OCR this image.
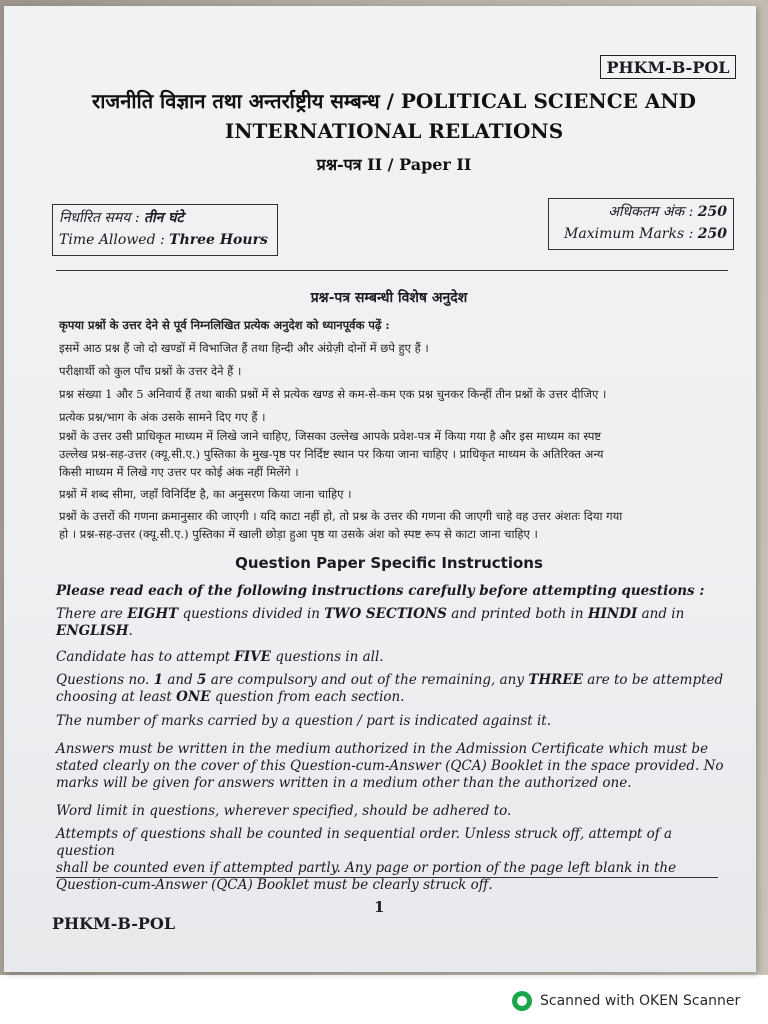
PHKM-B-POL
राजनीति विज्ञान तथा अन्तर्राष्ट्रीय सम्बन्ध / POLITICAL SCIENCE AND
INTERNATIONAL RELATIONS
प्रश्न-पत्र II / Paper II
निर्धारित समय : तीन घंटे
Time Allowed : Three Hours
अधिकतम अंक : 250
Maximum Marks : 250
प्रश्न-पत्र सम्बन्धी विशेष अनुदेश
कृपया प्रश्नों के उत्तर देने से पूर्व निम्नलिखित प्रत्येक अनुदेश को ध्यानपूर्वक पढ़ें :
इसमें आठ प्रश्न हैं जो दो खण्डों में विभाजित हैं तथा हिन्दी और अंग्रेज़ी दोनों में छपे हुए हैं ।
परीक्षार्थी को कुल पाँच प्रश्नों के उत्तर देने हैं ।
प्रश्न संख्या 1 और 5 अनिवार्य हैं तथा बाकी प्रश्नों में से प्रत्येक खण्ड से कम-से-कम एक प्रश्न चुनकर किन्हीं तीन प्रश्नों के उत्तर दीजिए ।
प्रत्येक प्रश्न/भाग के अंक उसके सामने दिए गए हैं ।
प्रश्नों के उत्तर उसी प्राधिकृत माध्यम में लिखे जाने चाहिए, जिसका उल्लेख आपके प्रवेश-पत्र में किया गया है और इस माध्यम का स्पष्ट
उल्लेख प्रश्न-सह-उत्तर (क्यू.सी.ए.) पुस्तिका के मुख-पृष्ठ पर निर्दिष्ट स्थान पर किया जाना चाहिए । प्राधिकृत माध्यम के अतिरिक्त अन्य
किसी माध्यम में लिखे गए उत्तर पर कोई अंक नहीं मिलेंगे ।
प्रश्नों में शब्द सीमा, जहाँ विनिर्दिष्ट है, का अनुसरण किया जाना चाहिए ।
प्रश्नों के उत्तरों की गणना क्रमानुसार की जाएगी । यदि काटा नहीं हो, तो प्रश्न के उत्तर की गणना की जाएगी चाहे वह उत्तर अंशतः दिया गया
हो । प्रश्न-सह-उत्तर (क्यू.सी.ए.) पुस्तिका में खाली छोड़ा हुआ पृष्ठ या उसके अंश को स्पष्ट रूप से काटा जाना चाहिए ।
Question Paper Specific Instructions
Please read each of the following instructions carefully before attempting questions :
There are EIGHT questions divided in TWO SECTIONS and printed both in HINDI and in
ENGLISH.
Candidate has to attempt FIVE questions in all.
Questions no. 1 and 5 are compulsory and out of the remaining, any THREE are to be attempted
choosing at least ONE question from each section.
The number of marks carried by a question / part is indicated against it.
Answers must be written in the medium authorized in the Admission Certificate which must be
stated clearly on the cover of this Question-cum-Answer (QCA) Booklet in the space provided. No
marks will be given for answers written in a medium other than the authorized one.
Word limit in questions, wherever specified, should be adhered to.
Attempts of questions shall be counted in sequential order. Unless struck off, attempt of a question
shall be counted even if attempted partly. Any page or portion of the page left blank in the
Question-cum-Answer (QCA) Booklet must be clearly struck off.
1
PHKM-B-POL
Scanned with OKEN Scanner
